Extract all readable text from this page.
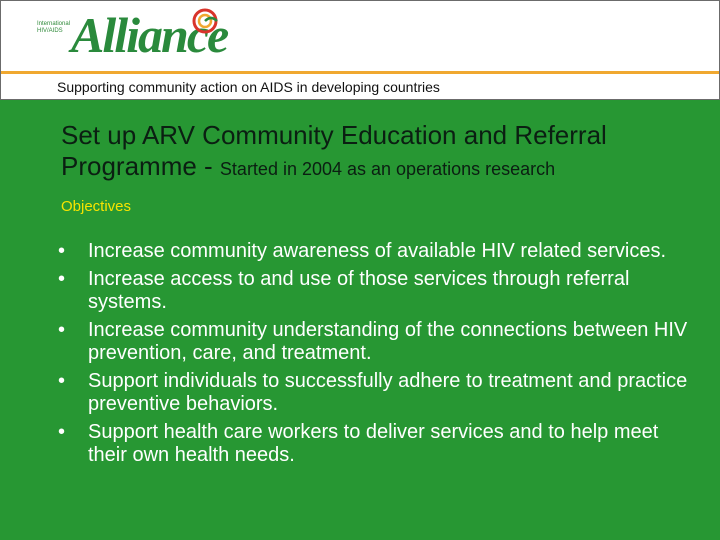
International HIV/AIDS Alliance
Supporting community action on AIDS in developing countries
Set up ARV Community Education and Referral Programme - Started in 2004 as an operations research
Objectives
• Increase community awareness of available HIV related services.
• Increase access to and use of those services through referral systems.
• Increase community understanding of the connections between HIV prevention, care, and treatment.
• Support individuals to successfully adhere to treatment and practice preventive behaviors.
• Support health care workers to deliver services and to help meet their own health needs.
